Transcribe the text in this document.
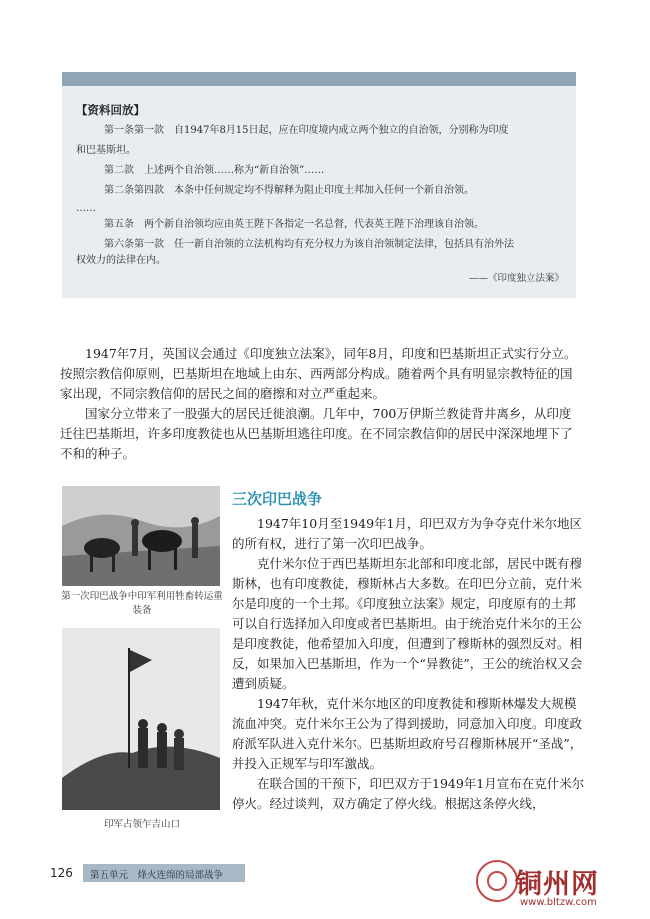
【资料回放】
第一条第一款　自1947年8月15日起，应在印度境内成立两个独立的自治领，分别称为印度
和巴基斯坦。
第二款　上述两个自治领……称为“新自治领”……
第二条第四款　本条中任何规定均不得解释为阻止印度土邦加入任何一个新自治领。
……
第五条　两个新自治领均应由英王陛下各指定一名总督，代表英王陛下治理该自治领。
第六条第一款　任一新自治领的立法机构均有充分权力为该自治领制定法律，包括具有治外法
权效力的法律在内。
——《印度独立法案》

1947年7月，英国议会通过《印度独立法案》，同年8月，印度和巴基斯坦正式实行分立。按照宗教信仰原则，巴基斯坦在地域上由东、西两部分构成。随着两个具有明显宗教特征的国家出现，不同宗教信仰的居民之间的磨擦和对立严重起来。

国家分立带来了一股强大的居民迁徙浪潮。几年中，700万伊斯兰教徒背井离乡，从印度迁往巴基斯坦，许多印度教徒也从巴基斯坦逃往印度。在不同宗教信仰的居民中深深地埋下了不和的种子。

第一次印巴战争中印军利用牲畜转运重装备
印军占领乍吉山口
三次印巴战争

1947年10月至1949年1月，印巴双方为争夺克什米尔地区的所有权，进行了第一次印巴战争。

克什米尔位于西巴基斯坦东北部和印度北部，居民中既有穆斯林，也有印度教徒，穆斯林占大多数。在印巴分立前，克什米尔是印度的一个土邦。《印度独立法案》规定，印度原有的土邦可以自行选择加入印度或者巴基斯坦。由于统治克什米尔的王公是印度教徒，他希望加入印度，但遭到了穆斯林的强烈反对。相反，如果加入巴基斯坦，作为一个“异教徒”，王公的统治权又会遭到质疑。

1947年秋，克什米尔地区的印度教徒和穆斯林爆发大规模流血冲突。克什米尔王公为了得到援助，同意加入印度。印度政府派军队进入克什米尔。巴基斯坦政府号召穆斯林展开“圣战”，并投入正规军与印军激战。

在联合国的干预下，印巴双方于1949年1月宣布在克什米尔停火。经过谈判，双方确定了停火线。根据这条停火线，

126 第五单元　烽火连绵的局部战争	铜州网
www.bltzw.com
